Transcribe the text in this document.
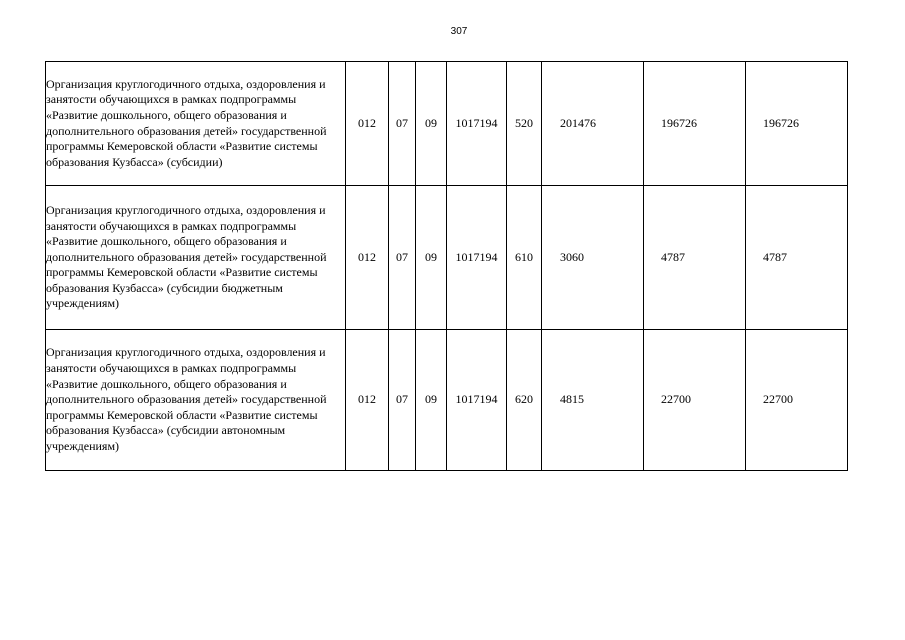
307
Организация круглогодичного отдыха, оздоровления и занятости обучающихся в рамках подпрограммы «Развитие дошкольного, общего образования и дополнительного образования детей» государственной программы Кемеровской области «Развитие системы образования Кузбасса» (субсидии)	012	07	09	1017194	520	201476	196726	196726
Организация круглогодичного отдыха, оздоровления и занятости обучающихся в рамках подпрограммы «Развитие дошкольного, общего образования и дополнительного образования детей» государственной программы Кемеровской области «Развитие системы образования Кузбасса» (субсидии бюджетным учреждениям)	012	07	09	1017194	610	3060	4787	4787
Организация круглогодичного отдыха, оздоровления и занятости обучающихся в рамках подпрограммы «Развитие дошкольного, общего образования и дополнительного образования детей» государственной программы Кемеровской области «Развитие системы образования Кузбасса» (субсидии автономным учреждениям)	012	07	09	1017194	620	4815	22700	22700
